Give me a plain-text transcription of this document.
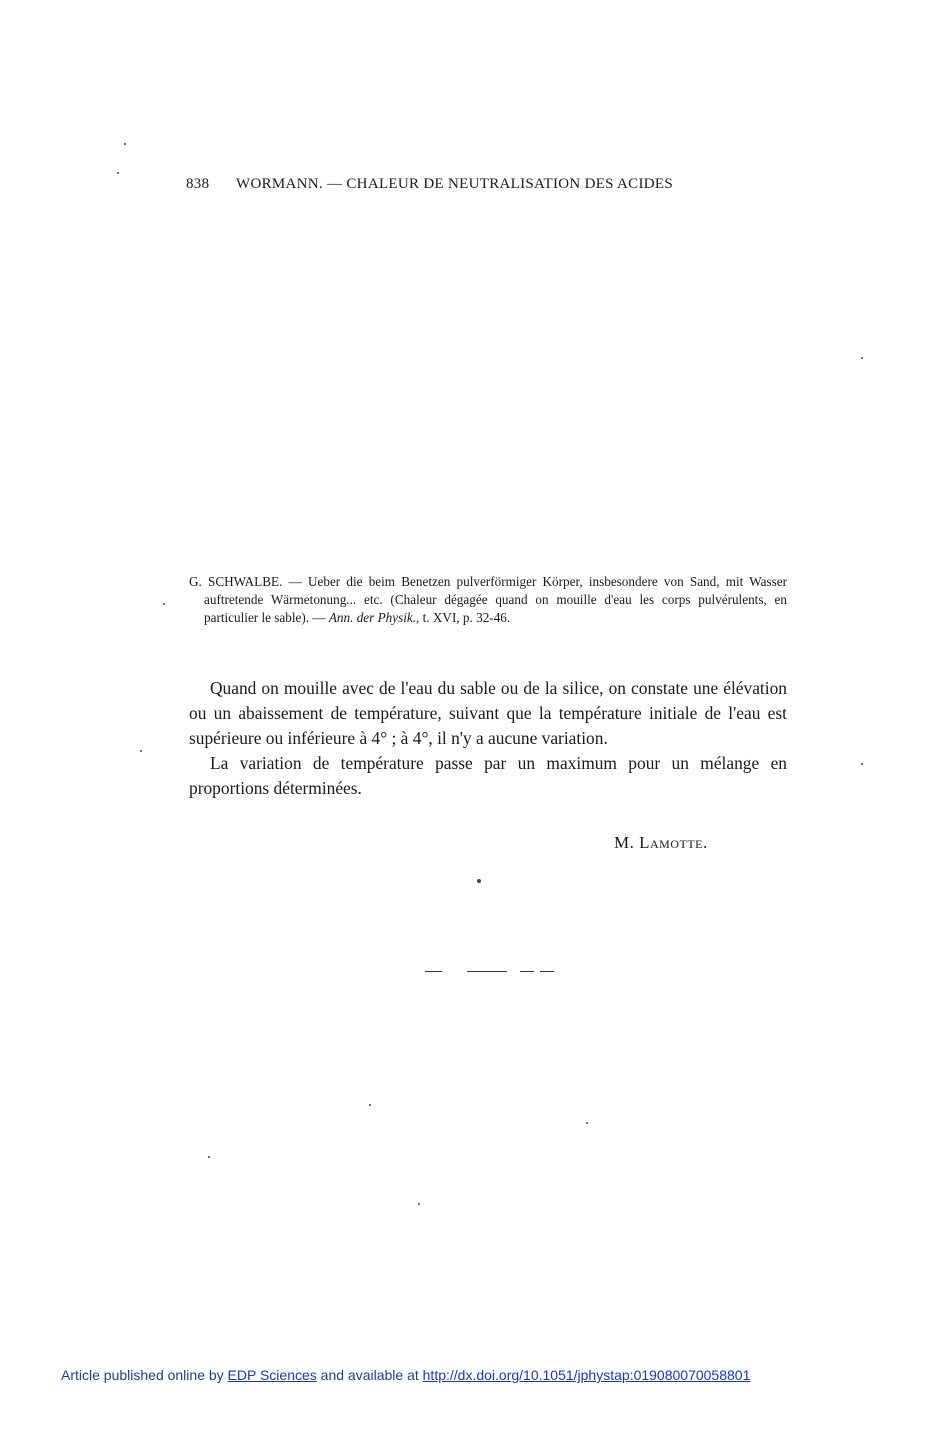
838 WORMANN. — CHALEUR DE NEUTRALISATION DES ACIDES

G. SCHWALBE. — Ueber die beim Benetzen pulverförmiger Körper, insbesondere von Sand, mit Wasser auftretende Wärmetonung... etc. (Chaleur dégagée quand on mouille d'eau les corps pulvérulents, en particulier le sable). — Ann. der Physik., t. XVI, p. 32-46.

Quand on mouille avec de l'eau du sable ou de la silice, on constate une élévation ou un abaissement de température, suivant que la température initiale de l'eau est supérieure ou inférieure à 4° ; à 4°, il n'y a aucune variation.

La variation de température passe par un maximum pour un mélange en proportions déterminées.

M. Lamotte.
Article published online by EDP Sciences and available at http://dx.doi.org/10.1051/jphystap:019080070058801
